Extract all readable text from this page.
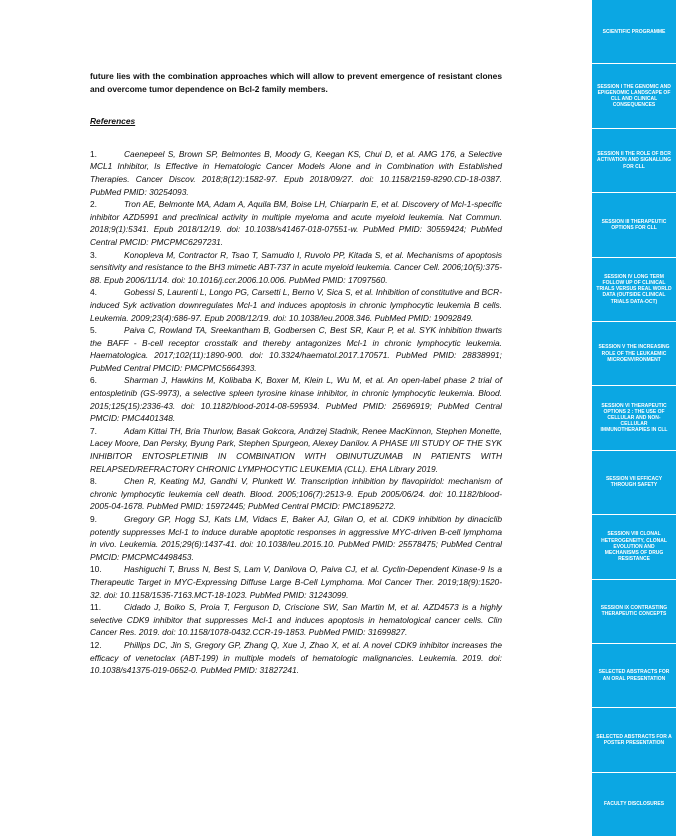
future lies with the combination approaches which will allow to prevent emergence of resistant clones and overcome tumor dependence on Bcl-2 family members.

References

1.	Caenepeel S, Brown SP, Belmontes B, Moody G, Keegan KS, Chui D, et al. AMG 176, a Selective MCL1 Inhibitor, Is Effective in Hematologic Cancer Models Alone and in Combination with Established Therapies. Cancer Discov. 2018;8(12):1582-97. Epub 2018/09/27. doi: 10.1158/2159-8290.CD-18-0387. PubMed PMID: 30254093.
2.	Tron AE, Belmonte MA, Adam A, Aquila BM, Boise LH, Chiarparin E, et al. Discovery of Mcl-1-specific inhibitor AZD5991 and preclinical activity in multiple myeloma and acute myeloid leukemia. Nat Commun. 2018;9(1):5341. Epub 2018/12/19. doi: 10.1038/s41467-018-07551-w. PubMed PMID: 30559424; PubMed Central PMCID: PMCPMC6297231.
3.	Konopleva M, Contractor R, Tsao T, Samudio I, Ruvolo PP, Kitada S, et al. Mechanisms of apoptosis sensitivity and resistance to the BH3 mimetic ABT-737 in acute myeloid leukemia. Cancer Cell. 2006;10(5):375-88. Epub 2006/11/14. doi: 10.1016/j.ccr.2006.10.006. PubMed PMID: 17097560.
4.	Gobessi S, Laurenti L, Longo PG, Carsetti L, Berno V, Sica S, et al. Inhibition of constitutive and BCR-induced Syk activation downregulates Mcl-1 and induces apoptosis in chronic lymphocytic leukemia B cells. Leukemia. 2009;23(4):686-97. Epub 2008/12/19. doi: 10.1038/leu.2008.346. PubMed PMID: 19092849.
5.	Paiva C, Rowland TA, Sreekantham B, Godbersen C, Best SR, Kaur P, et al. SYK inhibition thwarts the BAFF - B-cell receptor crosstalk and thereby antagonizes Mcl-1 in chronic lymphocytic leukemia. Haematologica. 2017;102(11):1890-900. doi: 10.3324/haematol.2017.170571. PubMed PMID: 28838991; PubMed Central PMCID: PMCPMC5664393.
6.	Sharman J, Hawkins M, Kolibaba K, Boxer M, Klein L, Wu M, et al. An open-label phase 2 trial of entospletinib (GS-9973), a selective spleen tyrosine kinase inhibitor, in chronic lymphocytic leukemia. Blood. 2015;125(15):2336-43. doi: 10.1182/blood-2014-08-595934. PubMed PMID: 25696919; PubMed Central PMCID: PMC4401348.
7.	Adam Kittai TH, Bria Thurlow, Basak Gokcora, Andrzej Stadnik, Renee MacKinnon, Stephen Monette, Lacey Moore, Dan Persky, Byung Park, Stephen Spurgeon, Alexey Danilov. A PHASE I/II STUDY OF THE SYK INHIBITOR ENTOSPLETINIB IN COMBINATION WITH OBINUTUZUMAB IN PATIENTS WITH RELAPSED/REFRACTORY CHRONIC LYMPHOCYTIC LEUKEMIA (CLL). EHA Library 2019.
8.	Chen R, Keating MJ, Gandhi V, Plunkett W. Transcription inhibition by flavopiridol: mechanism of chronic lymphocytic leukemia cell death. Blood. 2005;106(7):2513-9. Epub 2005/06/24. doi: 10.1182/blood-2005-04-1678. PubMed PMID: 15972445; PubMed Central PMCID: PMC1895272.
9.	Gregory GP, Hogg SJ, Kats LM, Vidacs E, Baker AJ, Gilan O, et al. CDK9 inhibition by dinaciclib potently suppresses Mcl-1 to induce durable apoptotic responses in aggressive MYC-driven B-cell lymphoma in vivo. Leukemia. 2015;29(6):1437-41. doi: 10.1038/leu.2015.10. PubMed PMID: 25578475; PubMed Central PMCID: PMCPMC4498453.
10.	Hashiguchi T, Bruss N, Best S, Lam V, Danilova O, Paiva CJ, et al. Cyclin-Dependent Kinase-9 Is a Therapeutic Target in MYC-Expressing Diffuse Large B-Cell Lymphoma. Mol Cancer Ther. 2019;18(9):1520-32. doi: 10.1158/1535-7163.MCT-18-1023. PubMed PMID: 31243099.
11.	Cidado J, Boiko S, Proia T, Ferguson D, Criscione SW, San Martin M, et al. AZD4573 is a highly selective CDK9 inhibitor that suppresses Mcl-1 and induces apoptosis in hematological cancer cells. Clin Cancer Res. 2019. doi: 10.1158/1078-0432.CCR-19-1853. PubMed PMID: 31699827.
12.	Phillips DC, Jin S, Gregory GP, Zhang Q, Xue J, Zhao X, et al. A novel CDK9 inhibitor increases the efficacy of venetoclax (ABT-199) in multiple models of hematologic malignancies. Leukemia. 2019. doi: 10.1038/s41375-019-0652-0. PubMed PMID: 31827241.
SCIENTIFIC PROGRAMME
SESSION I THE GENOMIC AND EPIGENOMIC LANDSCAPE OF CLL AND CLINICAL CONSEQUENCES
SESSION II THE ROLE OF BCR ACTIVATION AND SIGNALLING FOR CLL
SESSION III THERAPEUTIC OPTIONS FOR CLL
SESSION IV LONG TERM FOLLOW UP OF CLINICAL TRIALS VERSUS REAL WORLD DATA (OUTSIDE CLINICAL TRIALS DATA-OCT)
SESSION V THE INCREASING ROLE OF THE LEUKAEMIC MICROENVIRONMENT
SESSION VI THERAPEUTIC OPTIONS 2 : THE USE OF CELLULAR AND NON-CELLULAR IMMUNOTHERAPIES IN CLL
SESSION VII EFFICACY THROUGH SAFETY
SESSION VIII CLONAL HETEROGENEITY, CLONAL EVOLUTION AND MECHANISMS OF DRUG RESISTANCE
SESSION IX CONTRASTING THERAPEUTIC CONCEPTS
SELECTED ABSTRACTS FOR AN ORAL PRESENTATION
SELECTED ABSTRACTS FOR A POSTER PRESENTATION
FACULTY DISCLOSURES
